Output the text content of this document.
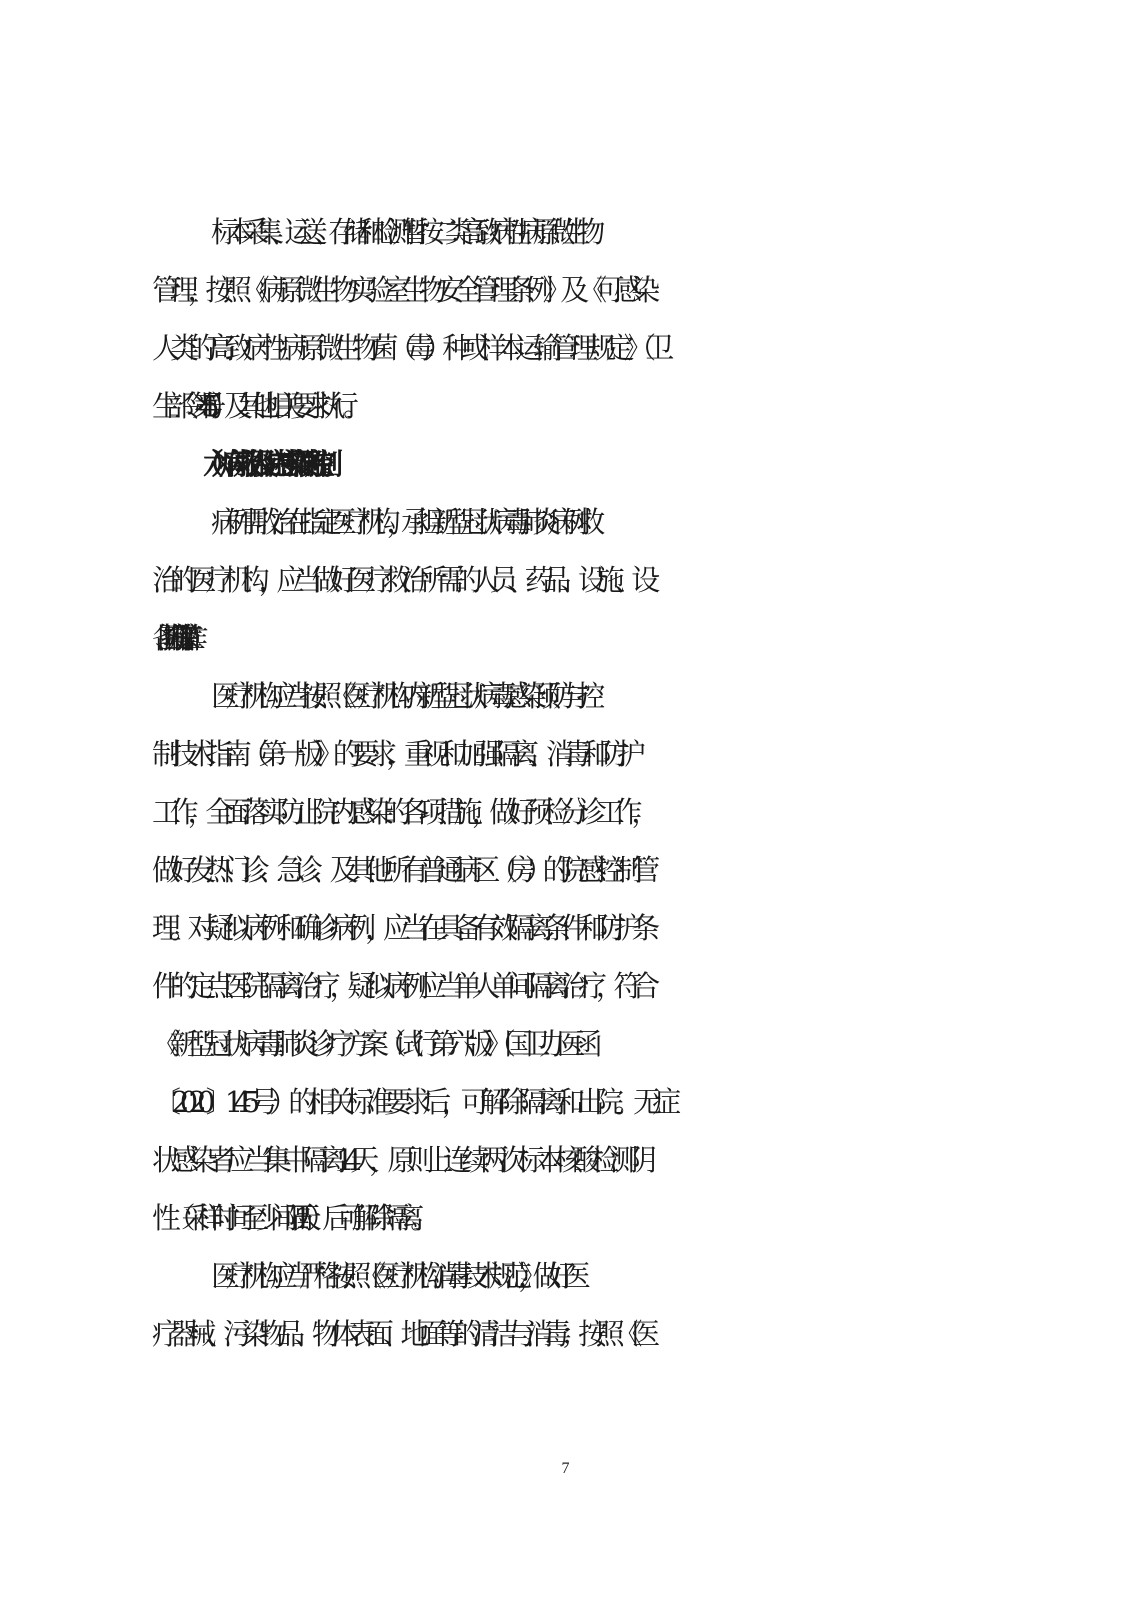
标本采集、运送、存储和检测暂按二类高致病性病原微生物
管理，按照《病原微生物实验室生物安全管理条例》及《可感染
人类的高致病性病原微生物菌（毒）种或样本运输管理规定》（卫
生部令第 45 号）及其他相关要求执行。
（六）病例救治及院内感染预防控制。
病例需收治在指定医疗机构，承担新型冠状病毒肺炎病例救
治的医疗机构，应当做好医疗救治所需的人员、药品、设施、设
备、防护用品等保障工作。
医疗机构应当按照《医疗机构内新型冠状病毒感染预防与控
制技术指南（第一版）》的要求，重视和加强隔离、消毒和防护
工作，全面落实防止院内感染的各项措施，做好预检分诊工作，
做好发热门诊、急诊、及其他所有普通病区（房）的院感控制管
理。对疑似病例和确诊病例，应当在具备有效隔离条件和防护条
件的定点医院隔离治疗，疑似病例应当单人单间隔离治疗，符合
《新型冠状病毒肺炎诊疗方案（试行第六版）》（国卫办医函
〔2020〕145 号）的相关标准要求后，可解除隔离和出院。无症
状感染者应当集中隔离 14 天，原则上连续两次标本核酸检测阴
性（采样时间至少间隔 1 天）后可解除隔离。
医疗机构应当严格按照《医疗机构消毒技术规范》，做好医
疗器械、污染物品、物体表面、地面等的清洁与消毒；按照《医
7
